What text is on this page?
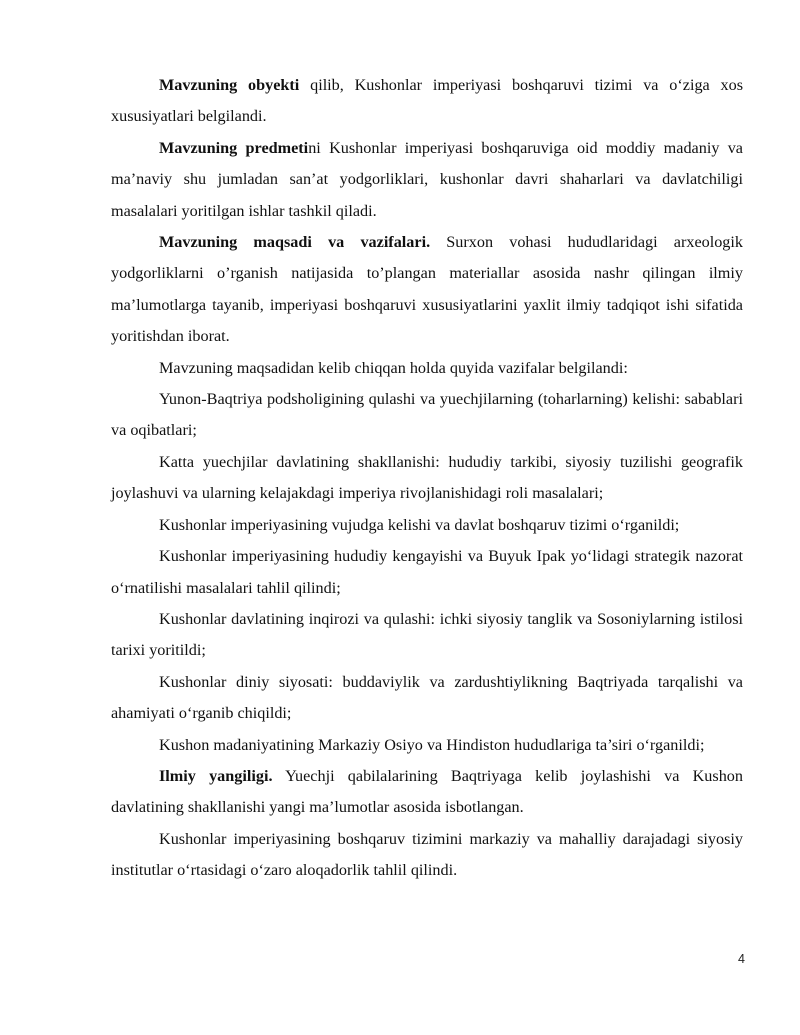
Mavzuning obyekti qilib, Kushonlar imperiyasi boshqaruvi tizimi va o‘ziga xos xususiyatlari belgilandi.

Mavzuning predmetini Kushonlar imperiyasi boshqaruviga oid moddiy madaniy va ma’naviy shu jumladan san’at yodgorliklari, kushonlar davri shaharlari va davlatchiligi masalalari yoritilgan ishlar tashkil qiladi.

Mavzuning maqsadi va vazifalari. Surxon vohasi hududlaridagi arxeologik yodgorliklarni o’rganish natijasida to’plangan materiallar asosida nashr qilingan ilmiy ma’lumotlarga tayanib, imperiyasi boshqaruvi xususiyatlarini yaxlit ilmiy tadqiqot ishi sifatida yoritishdan iborat.

Mavzuning maqsadidan kelib chiqqan holda quyida vazifalar belgilandi:

Yunon-Baqtriya podsholigining qulashi va yuechjilarning (toharlarning) kelishi: sabablari va oqibatlari;

Katta yuechjilar davlatining shakllanishi: hududiy tarkibi, siyosiy tuzilishi geografik joylashuvi va ularning kelajakdagi imperiya rivojlanishidagi roli masalalari;

Kushonlar imperiyasining vujudga kelishi va davlat boshqaruv tizimi o‘rganildi;

Kushonlar imperiyasining hududiy kengayishi va Buyuk Ipak yo‘lidagi strategik nazorat o‘rnatilishi masalalari tahlil qilindi;

Kushonlar davlatining inqirozi va qulashi: ichki siyosiy tanglik va Sosoniylarning istilosi tarixi yoritildi;

Kushonlar diniy siyosati: buddaviylik va zardushtiylikning Baqtriyada tarqalishi va ahamiyati o‘rganib chiqildi;

Kushon madaniyatining Markaziy Osiyo va Hindiston hududlariga ta’siri o‘rganildi;

Ilmiy yangiligi. Yuechji qabilalarining Baqtriyaga kelib joylashishi va Kushon davlatining shakllanishi yangi ma’lumotlar asosida isbotlangan.

Kushonlar imperiyasining boshqaruv tizimini markaziy va mahalliy darajadagi siyosiy institutlar o‘rtasidagi o‘zaro aloqadorlik tahlil qilindi.

4
